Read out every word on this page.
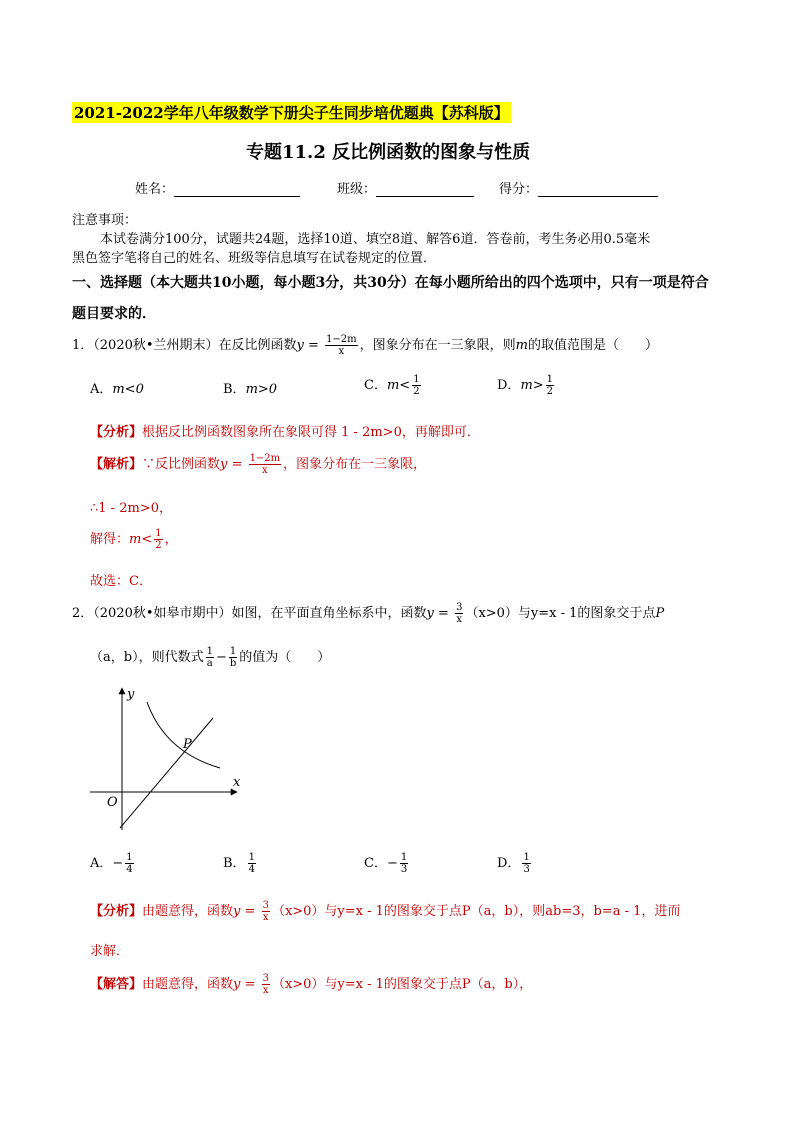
2021-2022学年八年级数学下册尖子生同步培优题典【苏科版】
专题11.2 反比例函数的图象与性质
姓名：	班级：	得分：
注意事项：
本试卷满分100分，试题共24题，选择10道、填空8道、解答6道．答卷前，考生务必用0.5毫米
黑色签字笔将自己的姓名、班级等信息填写在试卷规定的位置．
一、选择题（本大题共10小题，每小题3分，共30分）在每小题所给出的四个选项中，只有一项是符合
题目要求的．
1．（2020秋•兰州期末）在反比例函数$y = \frac{1-2m}{x}$ ，图象分布在一三象限，则m的取值范围是（　　）
A．m<0	B．m>0	C．$m< \frac{1}{2}$	D．$m> \frac{1}{2}$
【分析】根据反比例函数图象所在象限可得 1 - 2m>0，再解即可．
【解析】∵反比例函数$y = \frac{1-2m}{x}$ ，图象分布在一三象限，
∴1 - 2m>0，
解得：$m< \frac{1}{2}$ ，
故选：C．
2．（2020秋•如皋市期中）如图，在平面直角坐标系中，函数$y = \frac{3}{x} (x>0)$与y=x - 1的图象交于点P
（a，b），则代数式 $\frac{1}{a} - \frac{1}{b}$ 的值为（　　）
y
x
O
P
A．− $\frac{1}{4}$	B． $\frac{1}{4}$	C．− $\frac{1}{3}$	D． $\frac{1}{3}$
【分析】由题意得，函数$y = \frac{3}{x} (x>0)$与y=x - 1的图象交于点P（a，b），则ab=3，b=a - 1，进而
求解．
【解答】由题意得，函数$y = \frac{3}{x} (x>0)$与y=x - 1的图象交于点P（a，b），
